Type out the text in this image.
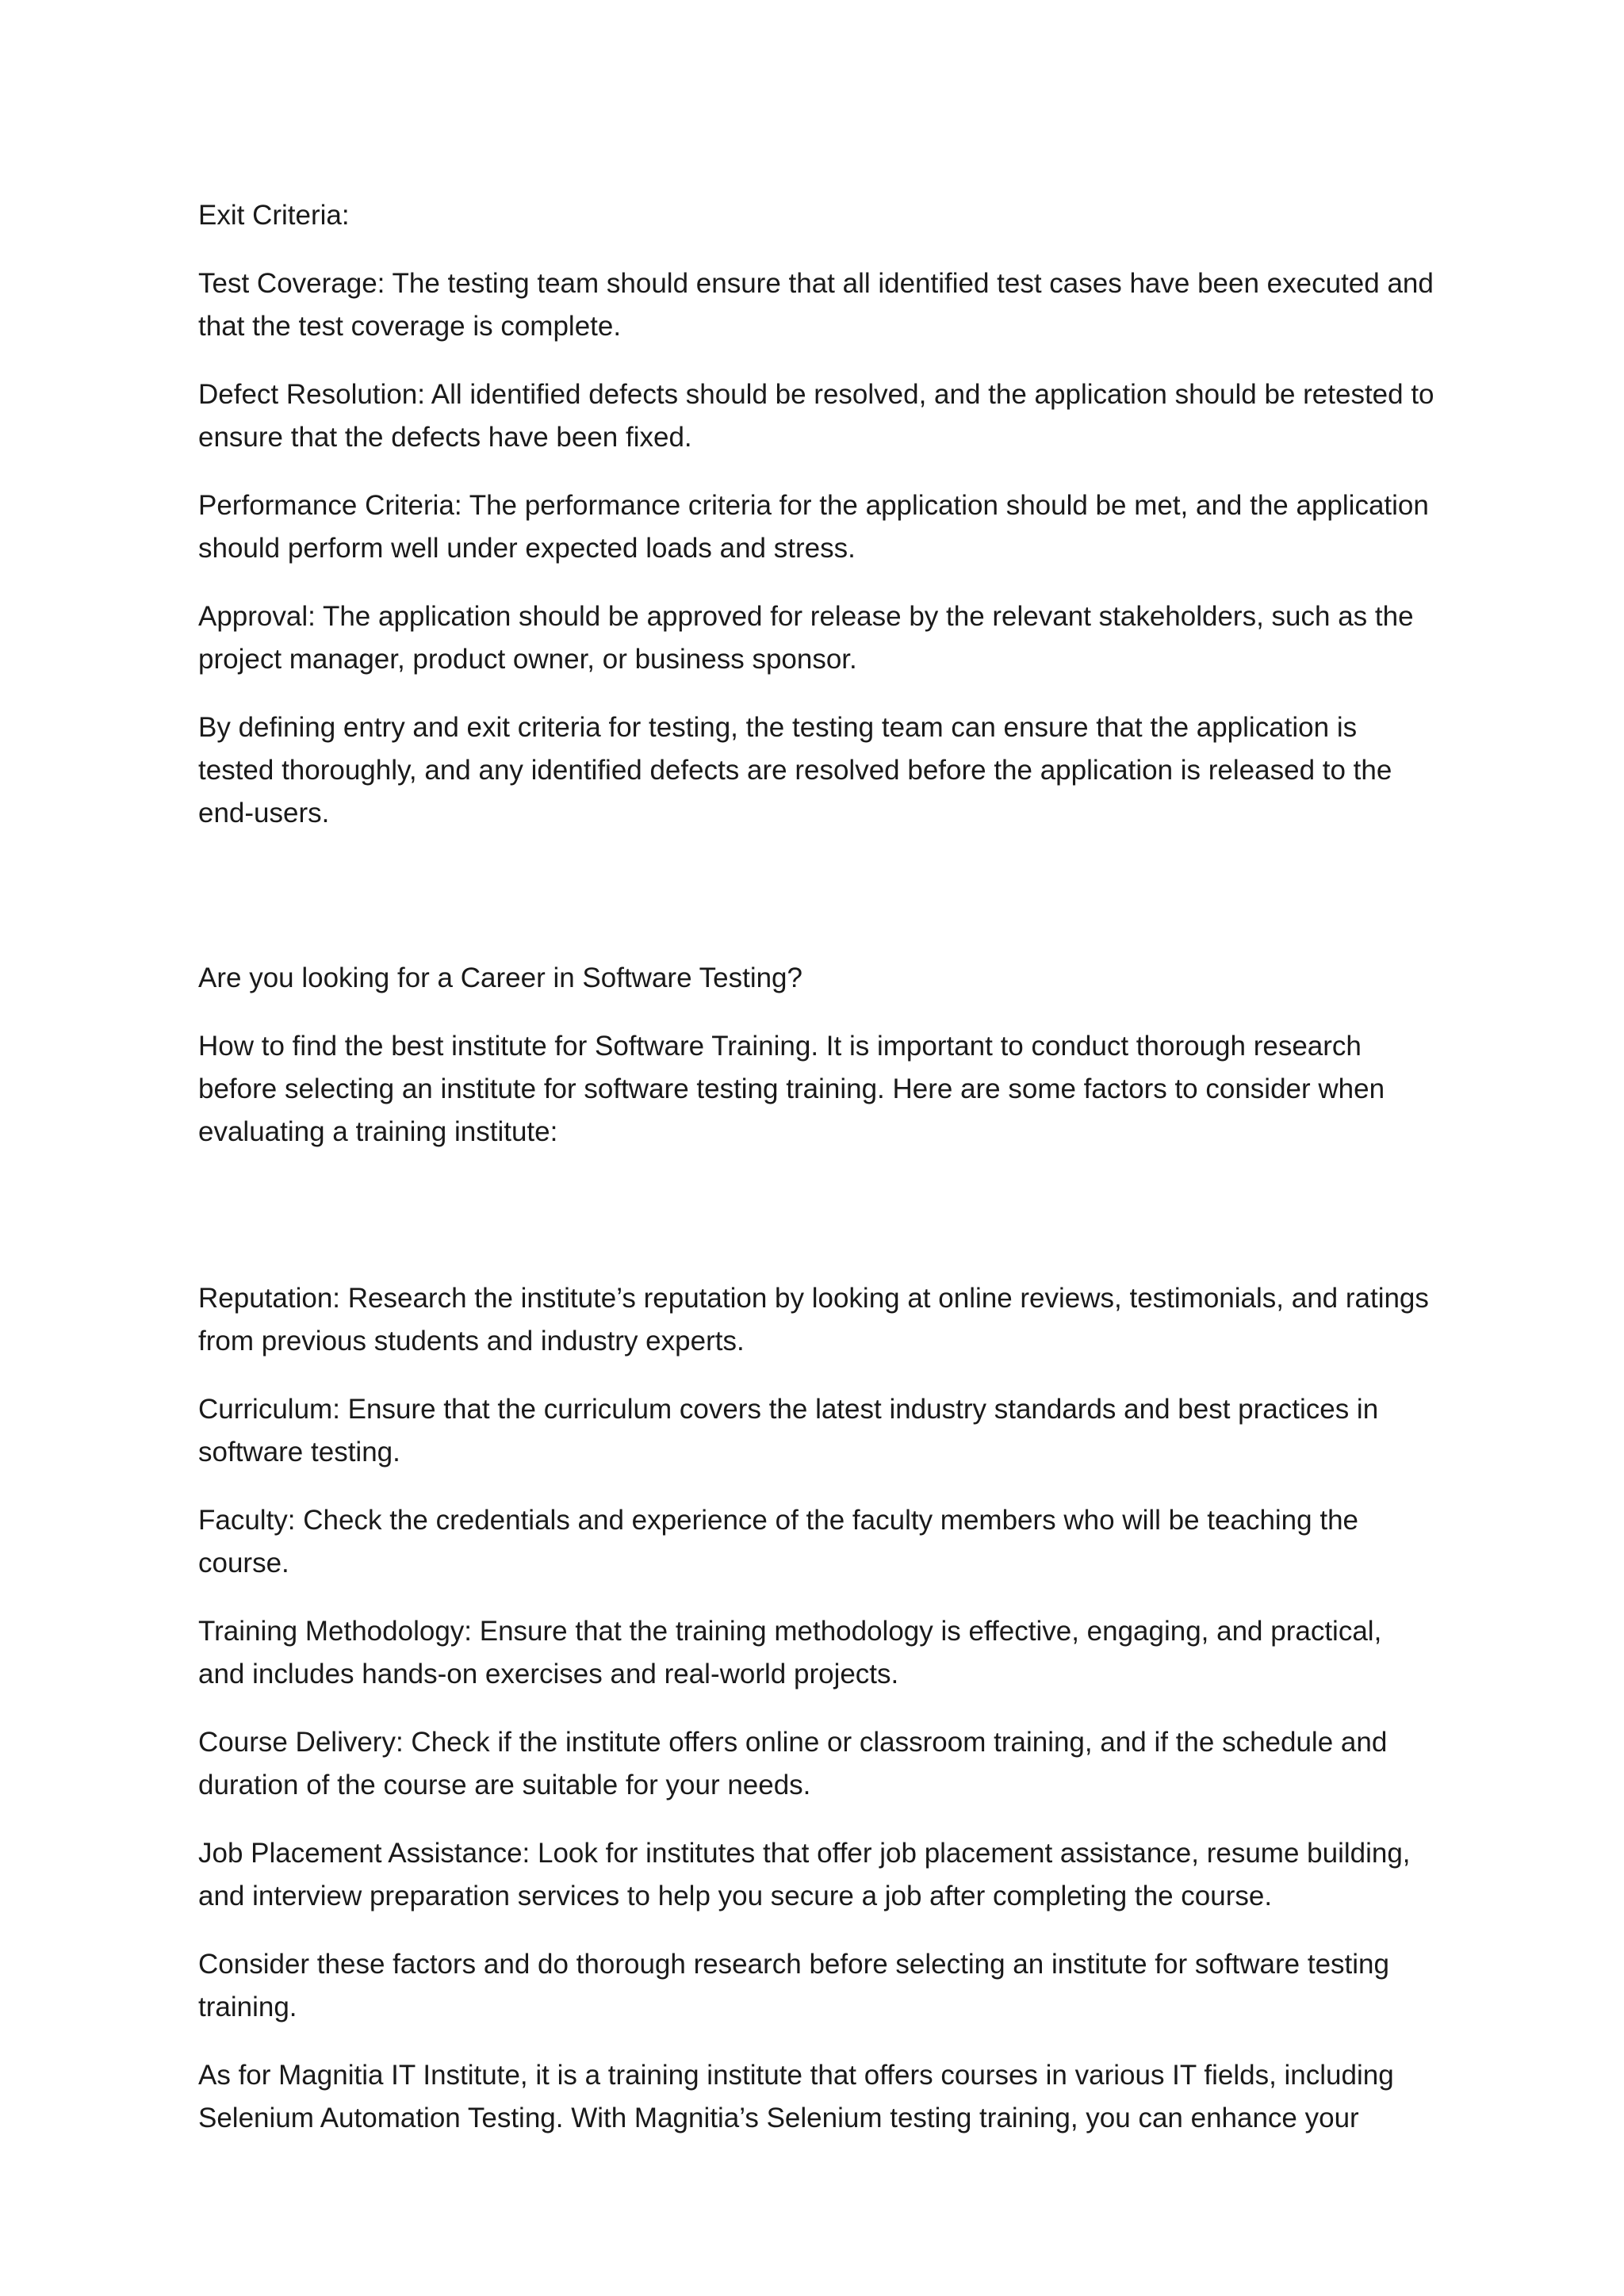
Exit Criteria:

Test Coverage: The testing team should ensure that all identified test cases have been executed and that the test coverage is complete.

Defect Resolution: All identified defects should be resolved, and the application should be retested to ensure that the defects have been fixed.

Performance Criteria: The performance criteria for the application should be met, and the application should perform well under expected loads and stress.

Approval: The application should be approved for release by the relevant stakeholders, such as the project manager, product owner, or business sponsor.

By defining entry and exit criteria for testing, the testing team can ensure that the application is tested thoroughly, and any identified defects are resolved before the application is released to the end-users.

Are you looking for a Career in Software Testing?

How to find the best institute for Software Training. It is important to conduct thorough research before selecting an institute for software testing training. Here are some factors to consider when evaluating a training institute:

Reputation: Research the institute’s reputation by looking at online reviews, testimonials, and ratings from previous students and industry experts.

Curriculum: Ensure that the curriculum covers the latest industry standards and best practices in software testing.

Faculty: Check the credentials and experience of the faculty members who will be teaching the course.

Training Methodology: Ensure that the training methodology is effective, engaging, and practical, and includes hands-on exercises and real-world projects.

Course Delivery: Check if the institute offers online or classroom training, and if the schedule and duration of the course are suitable for your needs.

Job Placement Assistance: Look for institutes that offer job placement assistance, resume building, and interview preparation services to help you secure a job after completing the course.

Consider these factors and do thorough research before selecting an institute for software testing training.

As for Magnitia IT Institute, it is a training institute that offers courses in various IT fields, including Selenium Automation Testing. With Magnitia’s Selenium testing training, you can enhance your
